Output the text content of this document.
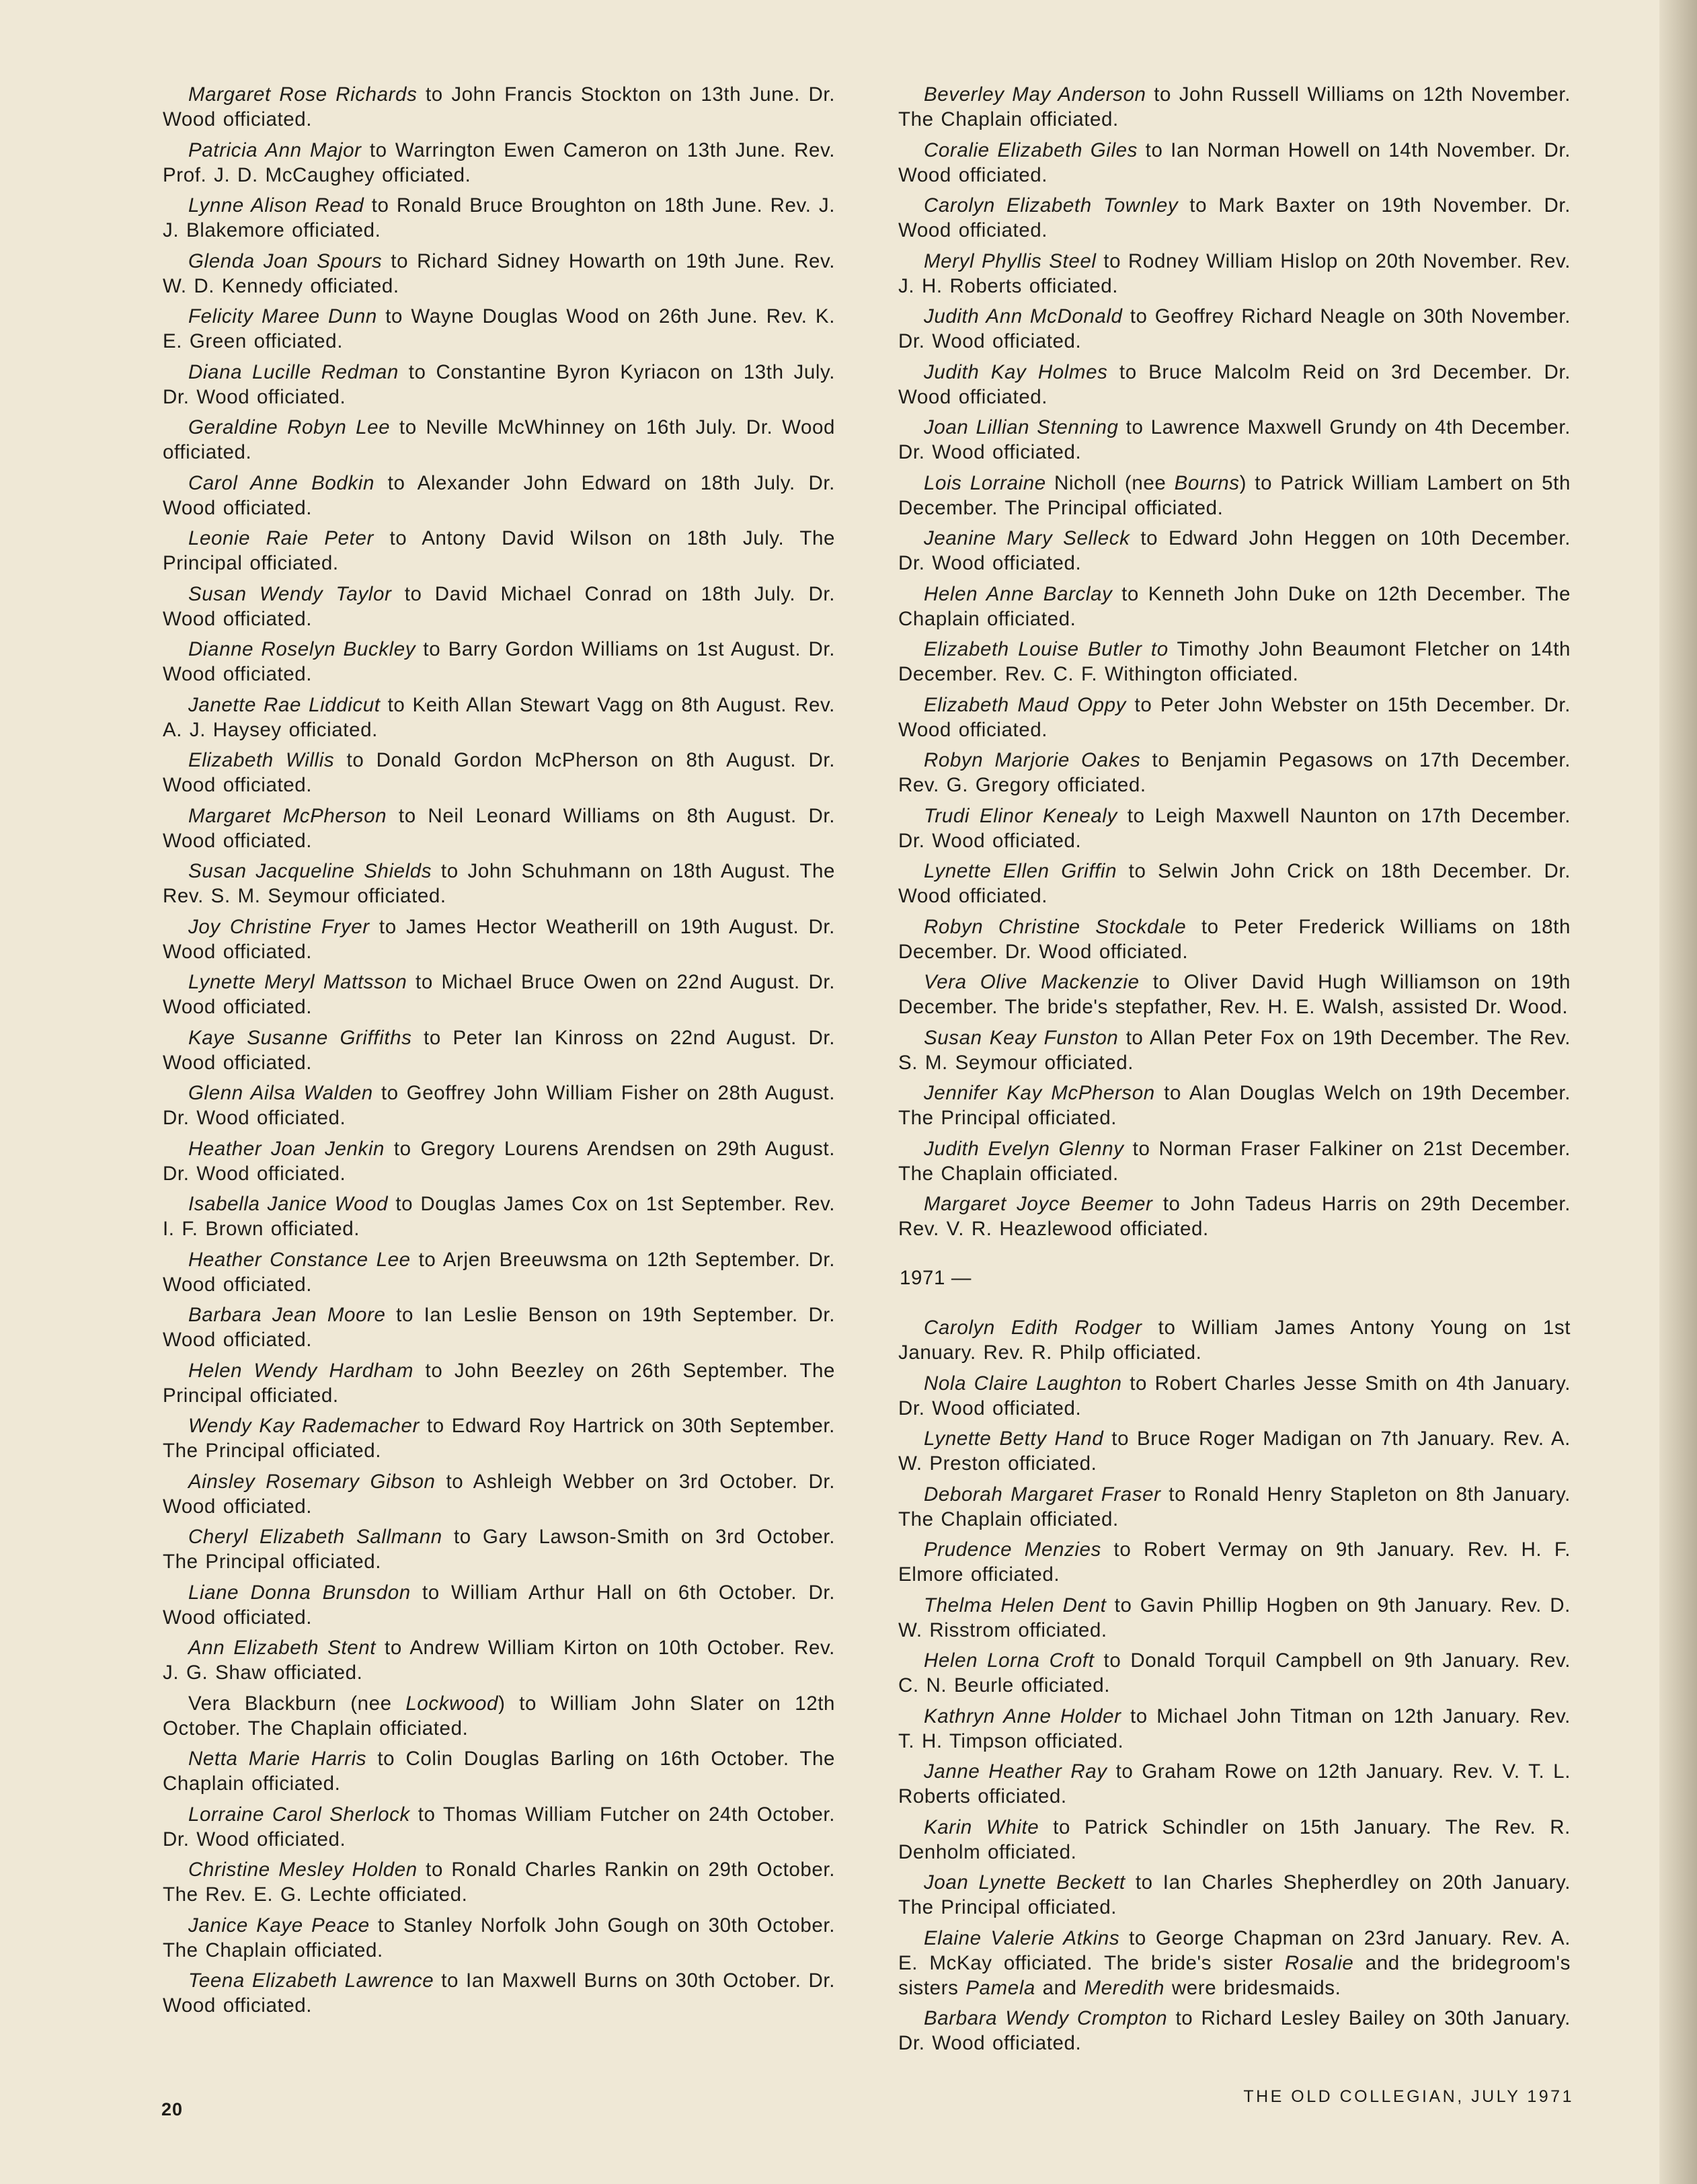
Margaret Rose Richards to John Francis Stockton on 13th June. Dr. Wood officiated.

Patricia Ann Major to Warrington Ewen Cameron on 13th June. Rev. Prof. J. D. McCaughey officiated.

Lynne Alison Read to Ronald Bruce Broughton on 18th June. Rev. J. J. Blakemore officiated.

Glenda Joan Spours to Richard Sidney Howarth on 19th June. Rev. W. D. Kennedy officiated.

Felicity Maree Dunn to Wayne Douglas Wood on 26th June. Rev. K. E. Green officiated.

Diana Lucille Redman to Constantine Byron Kyriacon on 13th July. Dr. Wood officiated.

Geraldine Robyn Lee to Neville McWhinney on 16th July. Dr. Wood officiated.

Carol Anne Bodkin to Alexander John Edward on 18th July. Dr. Wood officiated.

Leonie Raie Peter to Antony David Wilson on 18th July. The Principal officiated.

Susan Wendy Taylor to David Michael Conrad on 18th July. Dr. Wood officiated.

Dianne Roselyn Buckley to Barry Gordon Williams on 1st August. Dr. Wood officiated.

Janette Rae Liddicut to Keith Allan Stewart Vagg on 8th August. Rev. A. J. Haysey officiated.

Elizabeth Willis to Donald Gordon McPherson on 8th August. Dr. Wood officiated.

Margaret McPherson to Neil Leonard Williams on 8th August. Dr. Wood officiated.

Susan Jacqueline Shields to John Schuhmann on 18th August. The Rev. S. M. Seymour officiated.

Joy Christine Fryer to James Hector Weatherill on 19th August. Dr. Wood officiated.

Lynette Meryl Mattsson to Michael Bruce Owen on 22nd August. Dr. Wood officiated.

Kaye Susanne Griffiths to Peter Ian Kinross on 22nd August. Dr. Wood officiated.

Glenn Ailsa Walden to Geoffrey John William Fisher on 28th August. Dr. Wood officiated.

Heather Joan Jenkin to Gregory Lourens Arendsen on 29th August. Dr. Wood officiated.

Isabella Janice Wood to Douglas James Cox on 1st September. Rev. I. F. Brown officiated.

Heather Constance Lee to Arjen Breeuwsma on 12th September. Dr. Wood officiated.

Barbara Jean Moore to Ian Leslie Benson on 19th September. Dr. Wood officiated.

Helen Wendy Hardham to John Beezley on 26th September. The Principal officiated.

Wendy Kay Rademacher to Edward Roy Hartrick on 30th September. The Principal officiated.

Ainsley Rosemary Gibson to Ashleigh Webber on 3rd October. Dr. Wood officiated.

Cheryl Elizabeth Sallmann to Gary Lawson-Smith on 3rd October. The Principal officiated.

Liane Donna Brunsdon to William Arthur Hall on 6th October. Dr. Wood officiated.

Ann Elizabeth Stent to Andrew William Kirton on 10th October. Rev. J. G. Shaw officiated.

Vera Blackburn (nee Lockwood) to William John Slater on 12th October. The Chaplain officiated.

Netta Marie Harris to Colin Douglas Barling on 16th October. The Chaplain officiated.

Lorraine Carol Sherlock to Thomas William Futcher on 24th October. Dr. Wood officiated.

Christine Mesley Holden to Ronald Charles Rankin on 29th October. The Rev. E. G. Lechte officiated.

Janice Kaye Peace to Stanley Norfolk John Gough on 30th October. The Chaplain officiated.

Teena Elizabeth Lawrence to Ian Maxwell Burns on 30th October. Dr. Wood officiated.

Beverley May Anderson to John Russell Williams on 12th November. The Chaplain officiated.

Coralie Elizabeth Giles to Ian Norman Howell on 14th November. Dr. Wood officiated.

Carolyn Elizabeth Townley to Mark Baxter on 19th November. Dr. Wood officiated.

Meryl Phyllis Steel to Rodney William Hislop on 20th November. Rev. J. H. Roberts officiated.

Judith Ann McDonald to Geoffrey Richard Neagle on 30th November. Dr. Wood officiated.

Judith Kay Holmes to Bruce Malcolm Reid on 3rd December. Dr. Wood officiated.

Joan Lillian Stenning to Lawrence Maxwell Grundy on 4th December. Dr. Wood officiated.

Lois Lorraine Nicholl (nee Bourns) to Patrick William Lambert on 5th December. The Principal officiated.

Jeanine Mary Selleck to Edward John Heggen on 10th December. Dr. Wood officiated.

Helen Anne Barclay to Kenneth John Duke on 12th December. The Chaplain officiated.

Elizabeth Louise Butler to Timothy John Beaumont Fletcher on 14th December. Rev. C. F. Withington officiated.

Elizabeth Maud Oppy to Peter John Webster on 15th December. Dr. Wood officiated.

Robyn Marjorie Oakes to Benjamin Pegasows on 17th December. Rev. G. Gregory officiated.

Trudi Elinor Kenealy to Leigh Maxwell Naunton on 17th December. Dr. Wood officiated.

Lynette Ellen Griffin to Selwin John Crick on 18th December. Dr. Wood officiated.

Robyn Christine Stockdale to Peter Frederick Williams on 18th December. Dr. Wood officiated.

Vera Olive Mackenzie to Oliver David Hugh Williamson on 19th December. The bride's stepfather, Rev. H. E. Walsh, assisted Dr. Wood.

Susan Keay Funston to Allan Peter Fox on 19th December. The Rev. S. M. Seymour officiated.

Jennifer Kay McPherson to Alan Douglas Welch on 19th December. The Principal officiated.

Judith Evelyn Glenny to Norman Fraser Falkiner on 21st December. The Chaplain officiated.

Margaret Joyce Beemer to John Tadeus Harris on 29th December. Rev. V. R. Heazlewood officiated.

1971 —

Carolyn Edith Rodger to William James Antony Young on 1st January. Rev. R. Philp officiated.

Nola Claire Laughton to Robert Charles Jesse Smith on 4th January. Dr. Wood officiated.

Lynette Betty Hand to Bruce Roger Madigan on 7th January. Rev. A. W. Preston officiated.

Deborah Margaret Fraser to Ronald Henry Stapleton on 8th January. The Chaplain officiated.

Prudence Menzies to Robert Vermay on 9th January. Rev. H. F. Elmore officiated.

Thelma Helen Dent to Gavin Phillip Hogben on 9th January. Rev. D. W. Risstrom officiated.

Helen Lorna Croft to Donald Torquil Campbell on 9th January. Rev. C. N. Beurle officiated.

Kathryn Anne Holder to Michael John Titman on 12th January. Rev. T. H. Timpson officiated.

Janne Heather Ray to Graham Rowe on 12th January. Rev. V. T. L. Roberts officiated.

Karin White to Patrick Schindler on 15th January. The Rev. R. Denholm officiated.

Joan Lynette Beckett to Ian Charles Shepherdley on 20th January. The Principal officiated.

Elaine Valerie Atkins to George Chapman on 23rd January. Rev. A. E. McKay officiated. The bride's sister Rosalie and the bridegroom's sisters Pamela and Meredith were bridesmaids.

Barbara Wendy Crompton to Richard Lesley Bailey on 30th January. Dr. Wood officiated.

20
THE OLD COLLEGIAN, JULY 1971
